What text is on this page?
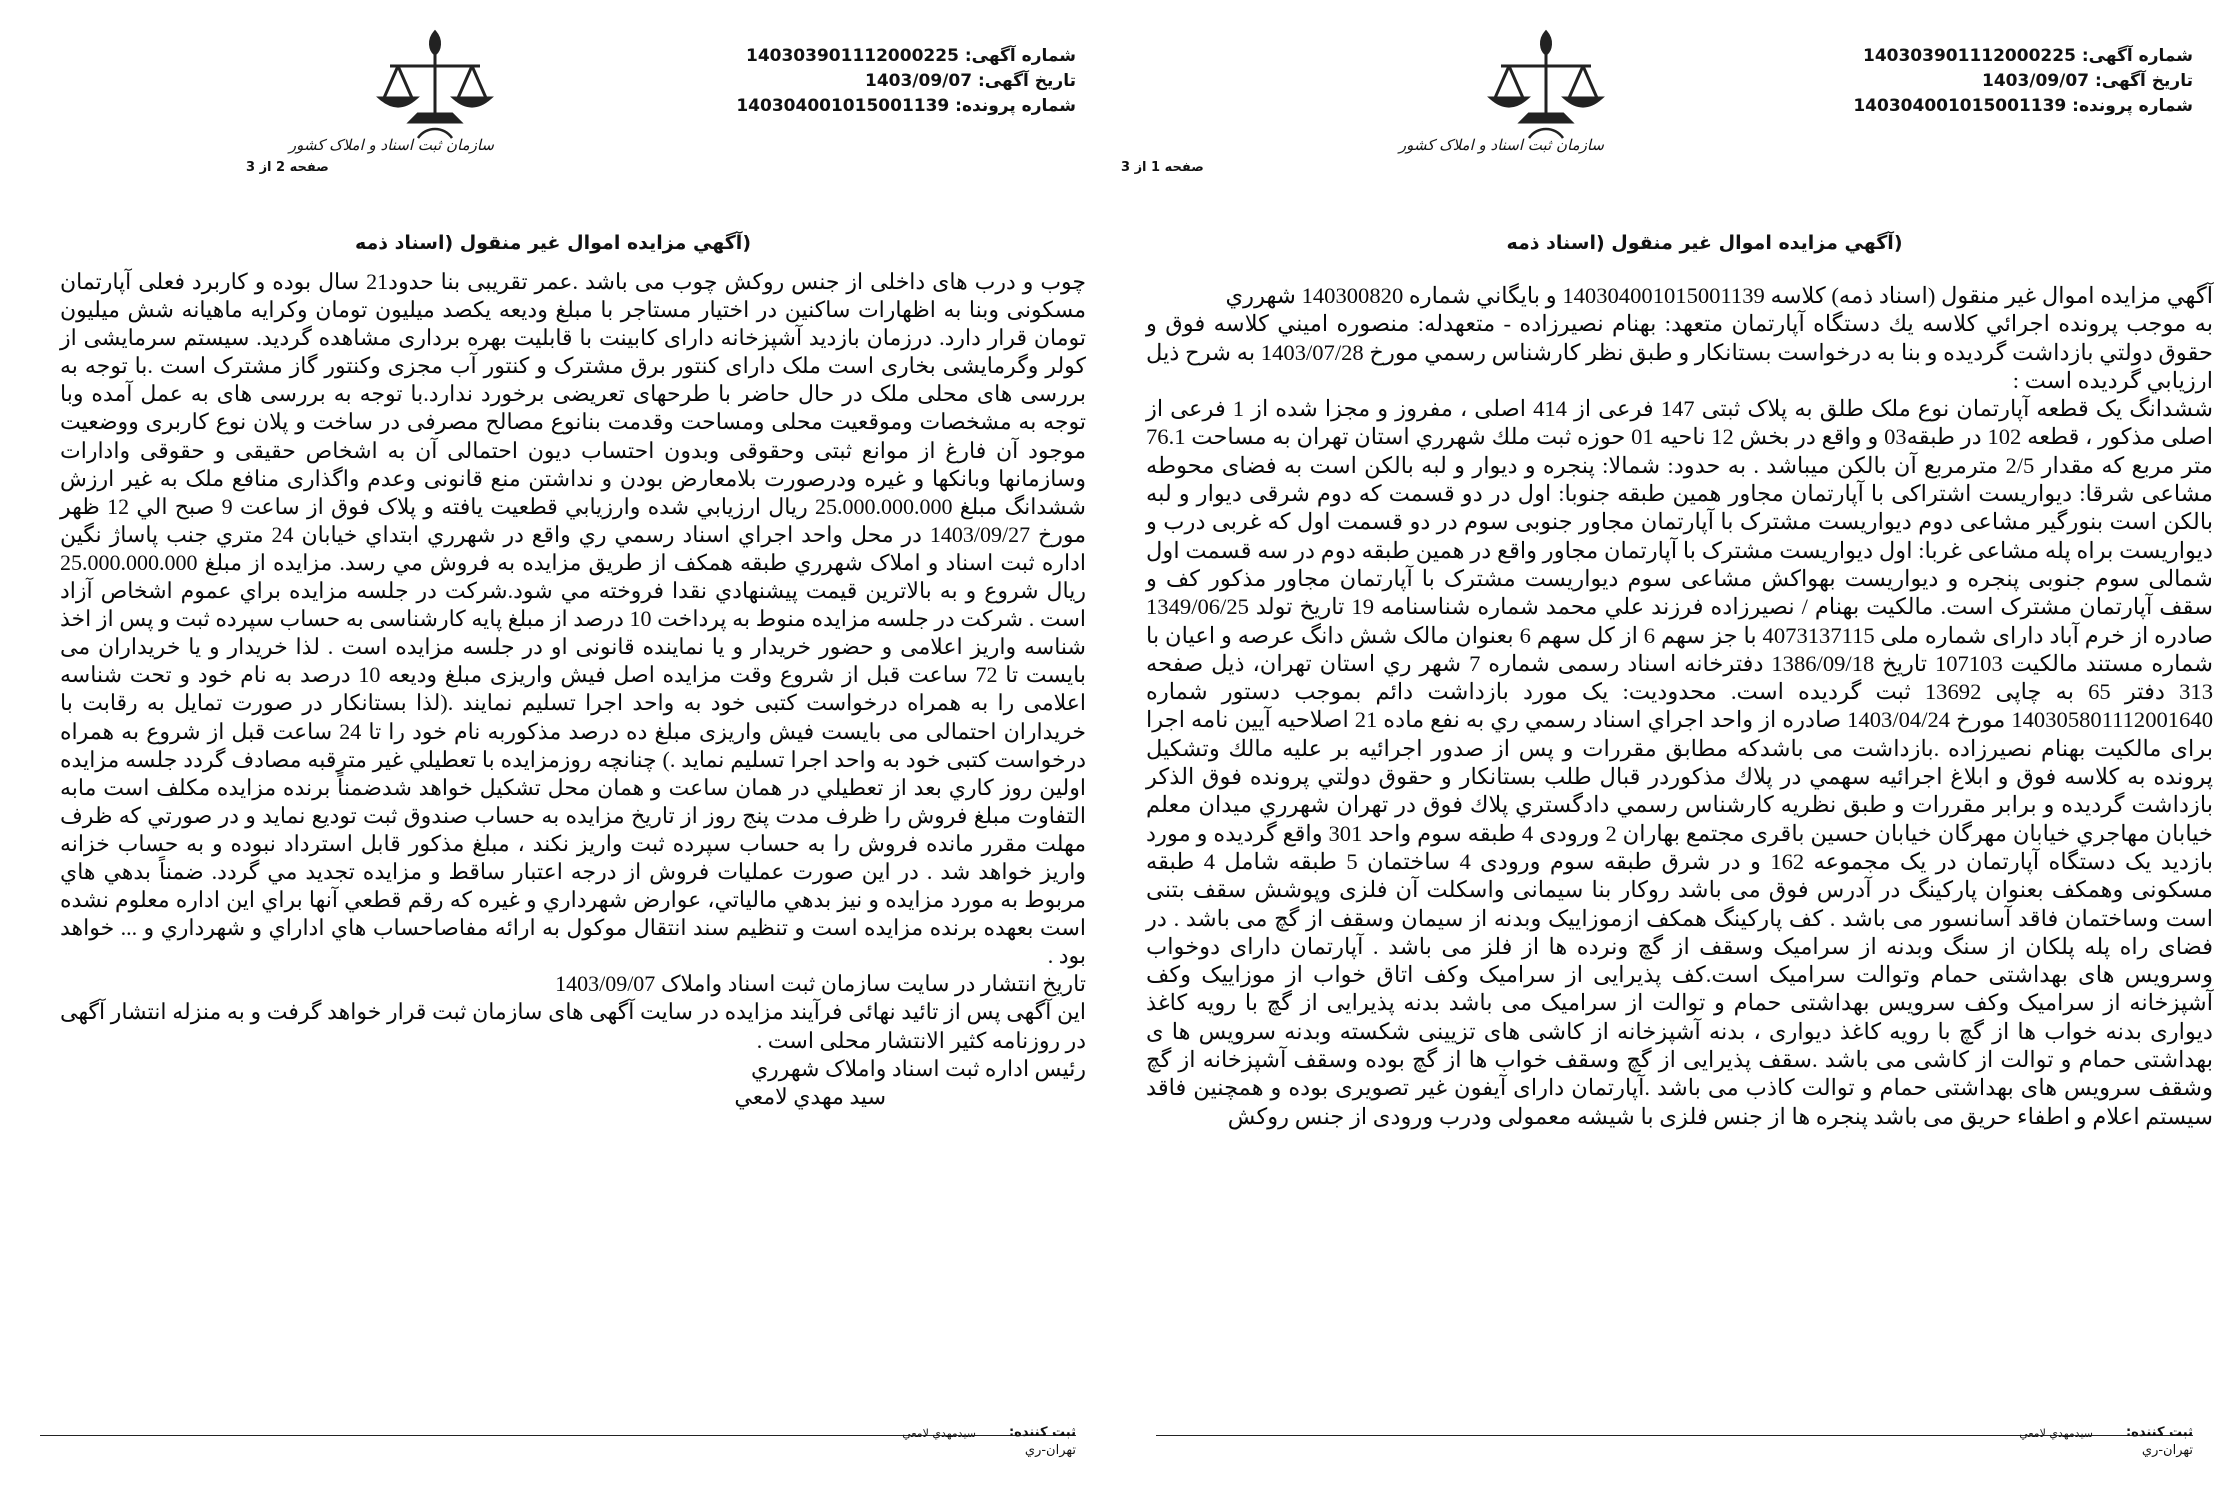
شماره آگهی: 140303901112000225
تاریخ آگهی: 1403/09/07
شماره پرونده: 140304001015001139
سازمان ثبت اسناد و املاک کشور
صفحه 2 از 3
(آگهي مزايده اموال غير منقول (اسناد ذمه

چوب و درب های داخلی از جنس روکش چوب می باشد .عمر تقریبی بنا حدود21 سال بوده و کاربرد فعلی آپارتمان مسکونی وبنا به اظهارات ساکنین در اختیار مستاجر با مبلغ ودیعه یکصد میلیون تومان وکرایه ماهیانه شش میلیون تومان قرار دارد. درزمان بازدید آشپزخانه دارای کابینت با قابلیت بهره برداری مشاهده گردید. سیستم سرمایشی از کولر وگرمایشی بخاری است ملک دارای کنتور برق مشترک و کنتور آب مجزی وکنتور گاز مشترک است .با توجه به بررسی های محلی ملک در حال حاضر با طرحهای تعریضی برخورد ندارد.با توجه به بررسی های به عمل آمده وبا توجه به مشخصات وموقعیت محلی ومساحت وقدمت بنانوع مصالح مصرفی در ساخت و پلان نوع کاربری ووضعیت موجود آن فارغ از موانع ثبتی وحقوقی وبدون احتساب دیون احتمالی آن به اشخاص حقیقی و حقوقی وادارات وسازمانها وبانکها و غیره ودرصورت بلامعارض بودن و نداشتن منع قانونی وعدم واگذاری منافع ملک به غیر ارزش ششدانگ مبلغ 25.000.000.000 ريال ارزيابي شده وارزيابي قطعيت يافته و پلاک فوق از ساعت 9 صبح الي 12 ظهر مورخ 1403/09/27 در محل واحد اجراي اسناد رسمي ري واقع در شهرري ابتداي خيابان 24 متري جنب پاساژ نگين اداره ثبت اسناد و املاک شهرري طبقه همکف از طريق مزايده به فروش مي رسد. مزايده از مبلغ 25.000.000.000 ريال شروع و به بالاترين قيمت پيشنهادي نقدا فروخته مي شود.شرکت در جلسه مزايده براي عموم اشخاص آزاد است . شرکت در جلسه مزایده منوط به پرداخت 10 درصد از مبلغ پایه کارشناسی به حساب سپرده ثبت و پس از اخذ شناسه واریز اعلامی و حضور خریدار و یا نماینده قانونی او در جلسه مزایده است . لذا خریدار و یا خریداران می بایست تا 72 ساعت قبل از شروع وقت مزایده اصل فیش واریزی مبلغ ودیعه 10 درصد به نام خود و تحت شناسه اعلامی را به همراه درخواست کتبی خود به واحد اجرا تسلیم نمایند .(لذا بستانکار در صورت تمایل به رقابت با خریداران احتمالی می بایست فیش واریزی مبلغ ده درصد مذکوربه نام خود را تا 24 ساعت قبل از شروع به همراه درخواست کتبی خود به واحد اجرا تسلیم نماید .) چنانچه روزمزايده با تعطيلي غير مترقبه مصادف گردد جلسه مزايده اولين روز کاري بعد از تعطيلي در همان ساعت و همان محل تشكيل خواهد شدضمناً برنده مزايده مكلف است مابه التفاوت مبلغ فروش را ظرف مدت پنج روز از تاريخ مزايده به حساب صندوق ثبت توديع نمايد و در صورتي كه ظرف مهلت مقرر مانده فروش را به حساب سپرده ثبت واريز نكند ، مبلغ مذكور قابل استرداد نبوده و به حساب خزانه واريز خواهد شد . در اين صورت عمليات فروش از درجه اعتبار ساقط و مزايده تجديد مي گردد. ضمناً بدهي هاي مربوط به مورد مزايده و نيز بدهي مالياتي، عوارض شهرداري و غيره كه رقم قطعي آنها براي اين اداره معلوم نشده است بعهده برنده مزايده است و تنظيم سند انتقال موكول به ارائه مفاصاحساب هاي اداراي و شهرداري و ... خواهد بود .

تاریخ انتشار در سایت سازمان ثبت اسناد واملاک 1403/09/07

این آگهی پس از تائید نهائی فرآیند مزایده در سایت آگهی های سازمان ثبت قرار خواهد گرفت و به منزله انتشار آگهی در روزنامه کثیر الانتشار محلی است .

رئيس اداره ثبت اسناد واملاک شهرري

سيد مهدي لامعي

ثبت كننده:
سيدمهدي لامعي
تهران-ري
شماره آگهی: 140303901112000225
تاریخ آگهی: 1403/09/07
شماره پرونده: 140304001015001139
سازمان ثبت اسناد و املاک کشور
صفحه 1 از 3
(آگهي مزايده اموال غير منقول (اسناد ذمه

آگهي مزايده اموال غير منقول (اسناد ذمه) كلاسه 140304001015001139 و بايگاني شماره 140300820 شهرري

به موجب پرونده اجرائي كلاسه يك دستگاه آپارتمان متعهد: بهنام نصيرزاده - متعهدله: منصوره اميني كلاسه فوق و حقوق دولتي بازداشت گرديده و بنا به درخواست بستانكار و طبق نظر كارشناس رسمي مورخ 1403/07/28 به شرح ذيل ارزيابي گرديده است :

ششدانگ یک قطعه آپارتمان نوع ملک طلق به پلاک ثبتی 147 فرعی از 414 اصلی ، مفروز و مجزا شده از 1 فرعی از اصلی مذکور ، قطعه 102 در طبقه03 و واقع در بخش 12 ناحيه 01 حوزه ثبت ملك شهرري استان تهران به مساحت 76.1 متر مربع که مقدار 2/5 مترمربع آن بالکن میباشد . به حدود: شمالا: پنجره و دیوار و لبه بالکن است به فضای محوطه مشاعی شرقا: دیواریست اشتراکی با آپارتمان مجاور همین طبقه جنوبا: اول در دو قسمت که دوم شرقی دیوار و لبه بالکن است بنورگیر مشاعی دوم دیواریست مشترک با آپارتمان مجاور جنوبی سوم در دو قسمت اول که غربی درب و دیواریست براه پله مشاعی غربا: اول دیواریست مشترک با آپارتمان مجاور واقع در همین طبقه دوم در سه قسمت اول شمالی سوم جنوبی پنجره و دیواریست بهواکش مشاعی سوم دیواریست مشترک با آپارتمان مجاور مذکور کف و سقف آپارتمان مشترک است. مالکیت بهنام / نصیرزاده فرزند علي محمد شماره شناسنامه 19 تاریخ تولد 1349/06/25 صادره از خرم آباد دارای شماره ملی 4073137115 با جز سهم 6 از کل سهم 6 بعنوان مالک شش دانگ عرصه و اعیان با شماره مستند مالکیت 107103 تاریخ 1386/09/18 دفترخانه اسناد رسمی شماره 7 شهر ري استان تهران، ذیل صفحه 313 دفتر 65 به چاپی 13692 ثبت گردیده است. محدودیت: یک مورد بازداشت دائم بموجب دستور شماره 140305801112001640 مورخ 1403/04/24 صادره از واحد اجراي اسناد رسمي ري به نفع ماده 21 اصلاحیه آیین نامه اجرا برای مالکیت بهنام نصیرزاده .بازداشت می باشدکه مطابق مقررات و پس از صدور اجرائيه بر عليه مالك وتشكيل پرونده به كلاسه فوق و ابلاغ اجرائيه سهمي در پلاك مذكوردر قبال طلب بستانكار و حقوق دولتي پرونده فوق الذكر بازداشت گرديده و برابر مقررات و طبق نظريه كارشناس رسمي دادگستري پلاك فوق در تهران شهرري ميدان معلم خيابان مهاجري خيابان مهرگان خیابان حسین باقری مجتمع بهاران 2 ورودی 4 طبقه سوم واحد 301 واقع گردیده و مورد بازدید یک دستگاه آپارتمان در یک مجموعه 162 و در شرق طبقه سوم ورودی 4 ساختمان 5 طبقه شامل 4 طبقه مسکونی وهمکف بعنوان پارکینگ در آدرس فوق می باشد روکار بنا سیمانی واسکلت آن فلزی وپوشش سقف بتنی است وساختمان فاقد آسانسور می باشد . کف پارکینگ همکف ازموزاییک وبدنه از سیمان وسقف از گچ می باشد . در فضای راه پله پلکان از سنگ وبدنه از سرامیک وسقف از گچ ونرده ها از فلز می باشد . آپارتمان دارای دوخواب وسرویس های بهداشتی حمام وتوالت سرامیک است.کف پذیرایی از سرامیک وکف اتاق خواب از موزاییک وکف آشپزخانه از سرامیک وکف سرویس بهداشتی حمام و توالت از سرامیک می باشد بدنه پذیرایی از گچ با رویه کاغذ دیواری بدنه خواب ها از گچ با رویه کاغذ دیواری ، بدنه آشپزخانه از کاشی های تزیینی شکسته وبدنه سرویس ها ی بهداشتی حمام و توالت از کاشی می باشد .سقف پذیرایی از گچ وسقف خواب ها از گچ بوده وسقف آشپزخانه از گچ وشقف سرویس های بهداشتی حمام و توالت کاذب می باشد .آپارتمان دارای آیفون غیر تصویری بوده و همچنین فاقد سیستم اعلام و اطفاء حریق می باشد پنجره ها از جنس فلزی با شیشه معمولی ودرب ورودی از جنس روکش

ثبت كننده:
سيدمهدي لامعي
تهران-ري
